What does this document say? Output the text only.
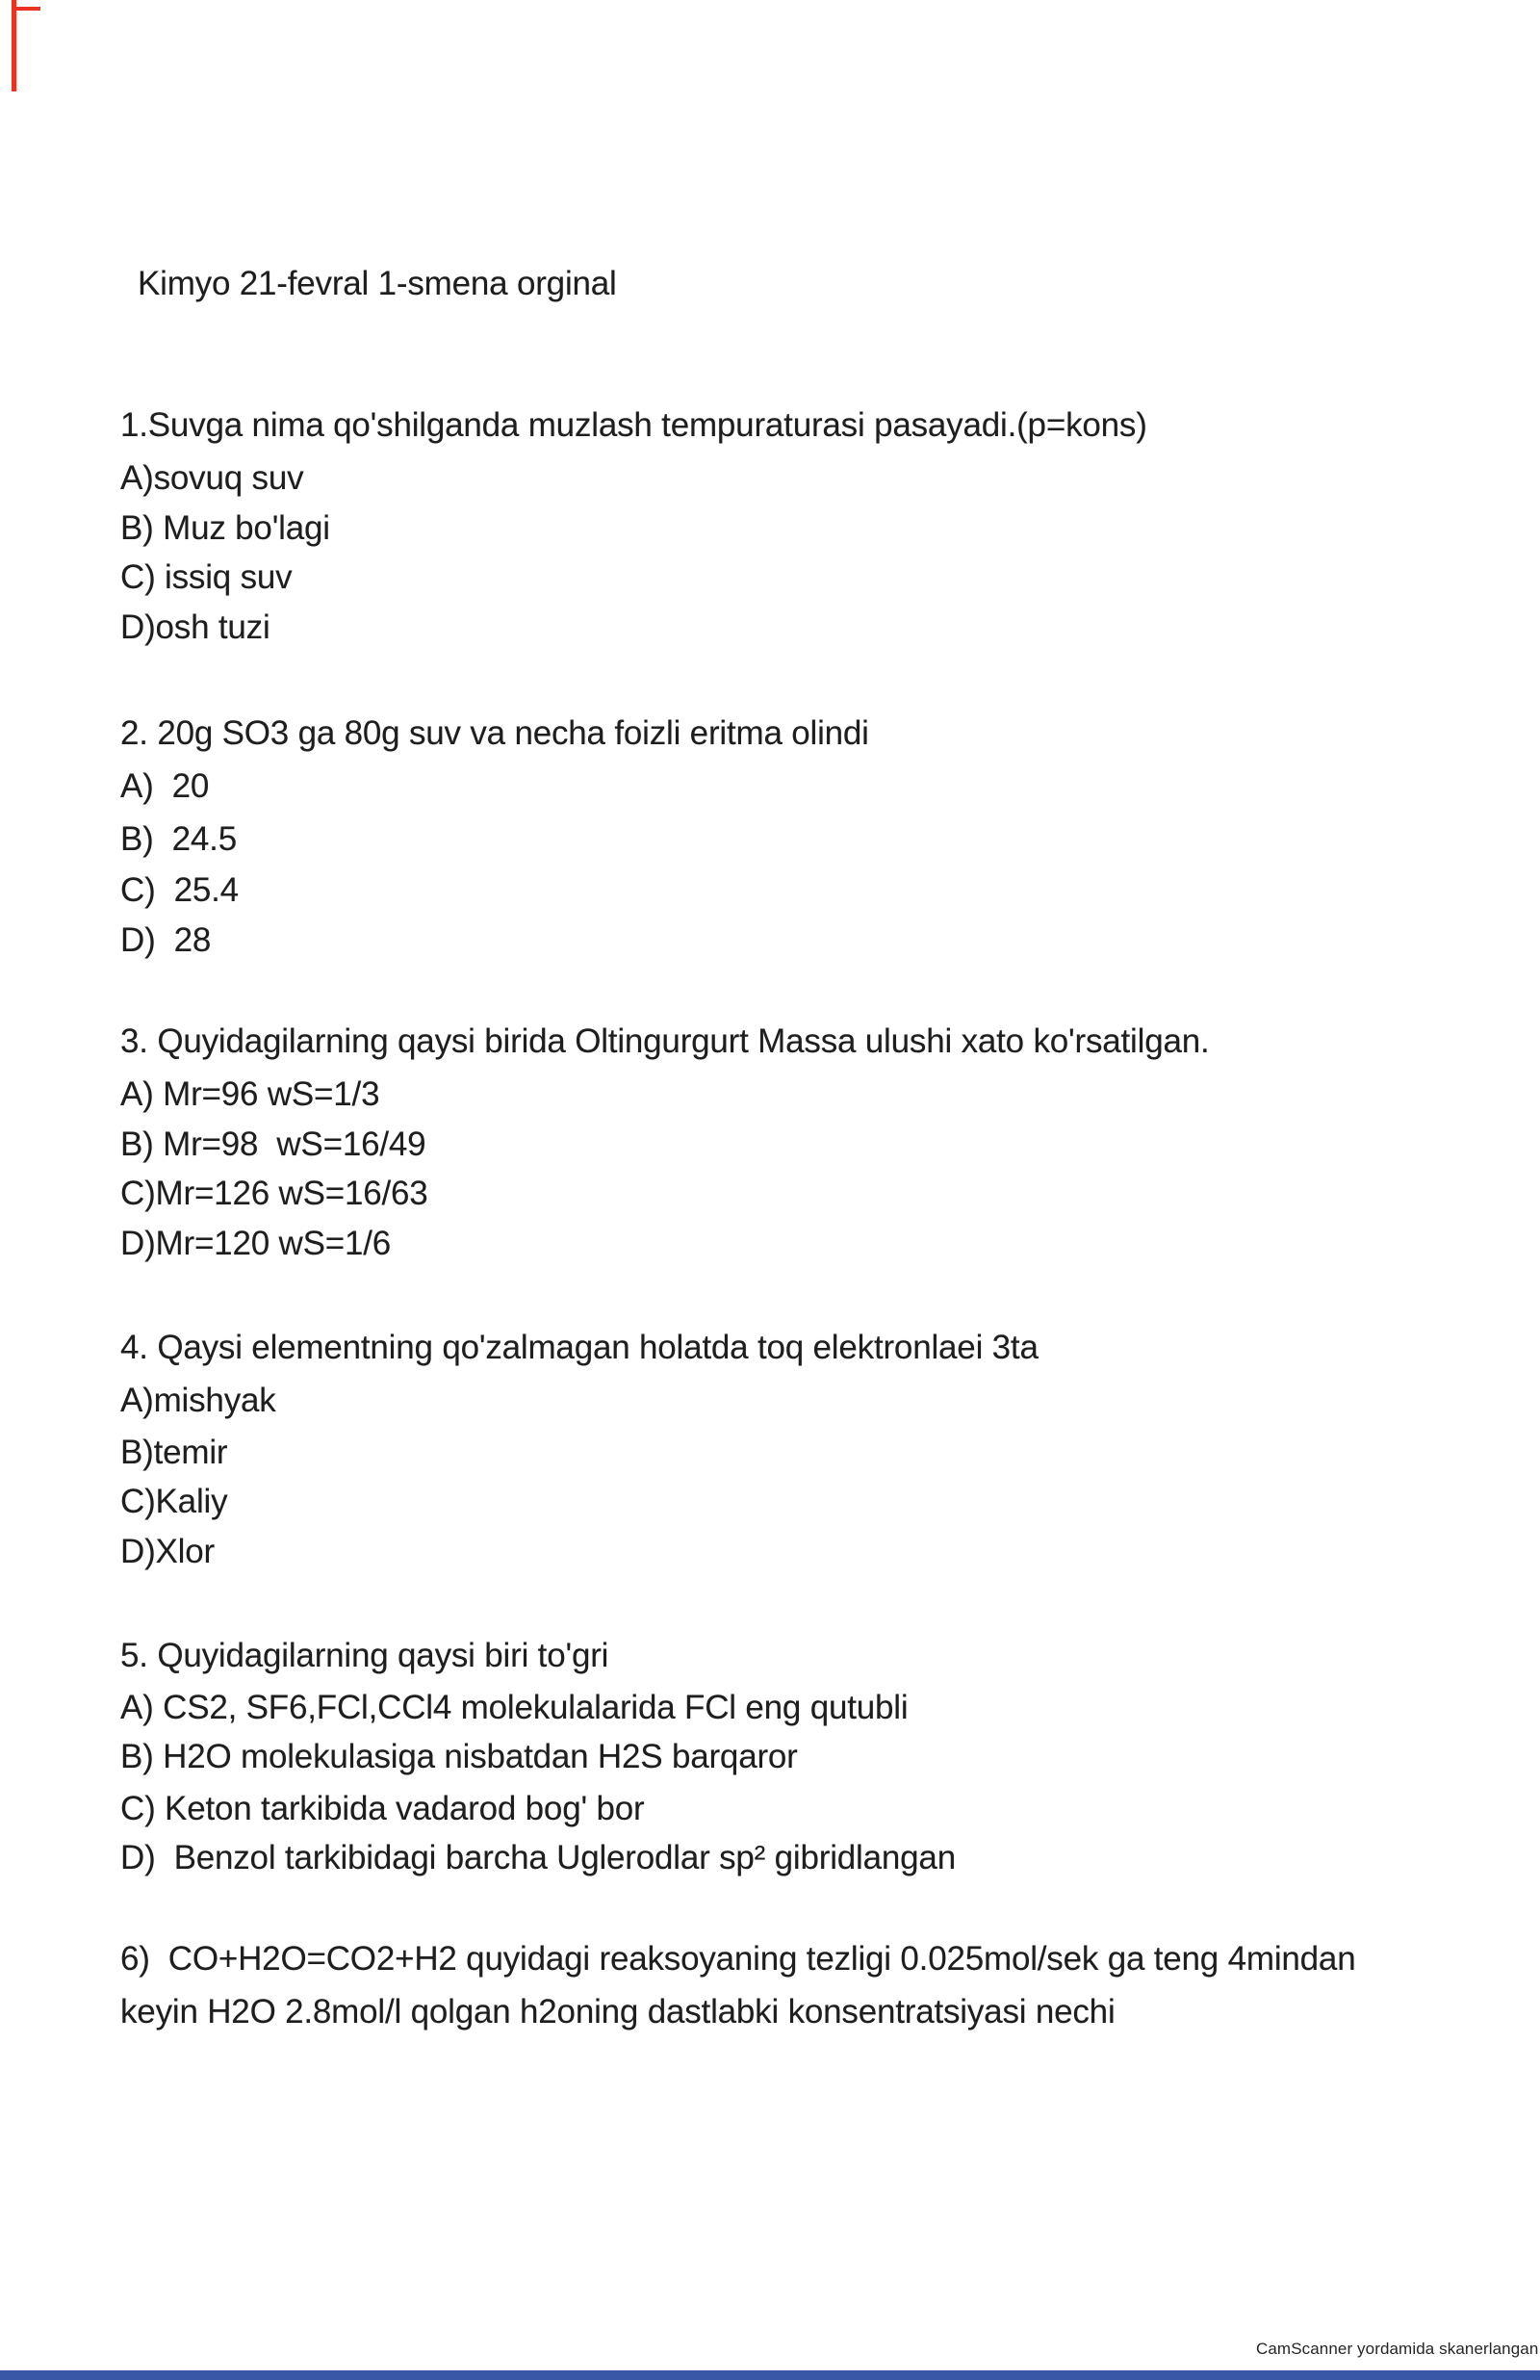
Kimyo 21-fevral 1-smena orginal
1.Suvga nima qo'shilganda muzlash tempuraturasi pasayadi.(p=kons)
A)sovuq suv
B) Muz bo'lagi
C) issiq suv
D)osh tuzi
2. 20g SO3 ga 80g suv va necha foizli eritma olindi
A)  20
B)  24.5
C)  25.4
D)  28
3. Quyidagilarning qaysi birida Oltingurgurt Massa ulushi xato ko'rsatilgan.
A) Mr=96 wS=1/3
B) Mr=98  wS=16/49
C)Mr=126 wS=16/63
D)Mr=120 wS=1/6
4. Qaysi elementning qo'zalmagan holatda toq elektronlaei 3ta
A)mishyak
B)temir
C)Kaliy
D)Xlor
5. Quyidagilarning qaysi biri to'gri
A) CS2, SF6,FCl,CCl4 molekulalarida FCl eng qutubli
B) H2O molekulasiga nisbatdan H2S barqaror
C) Keton tarkibida vadarod bog' bor
D)  Benzol tarkibidagi barcha Uglerodlar sp² gibridlangan
6)  CO+H2O=CO2+H2 quyidagi reaksoyaning tezligi 0.025mol/sek ga teng 4mindan
keyin H2O 2.8mol/l qolgan h2oning dastlabki konsentratsiyasi nechi
CamScanner yordamida skanerlangan
